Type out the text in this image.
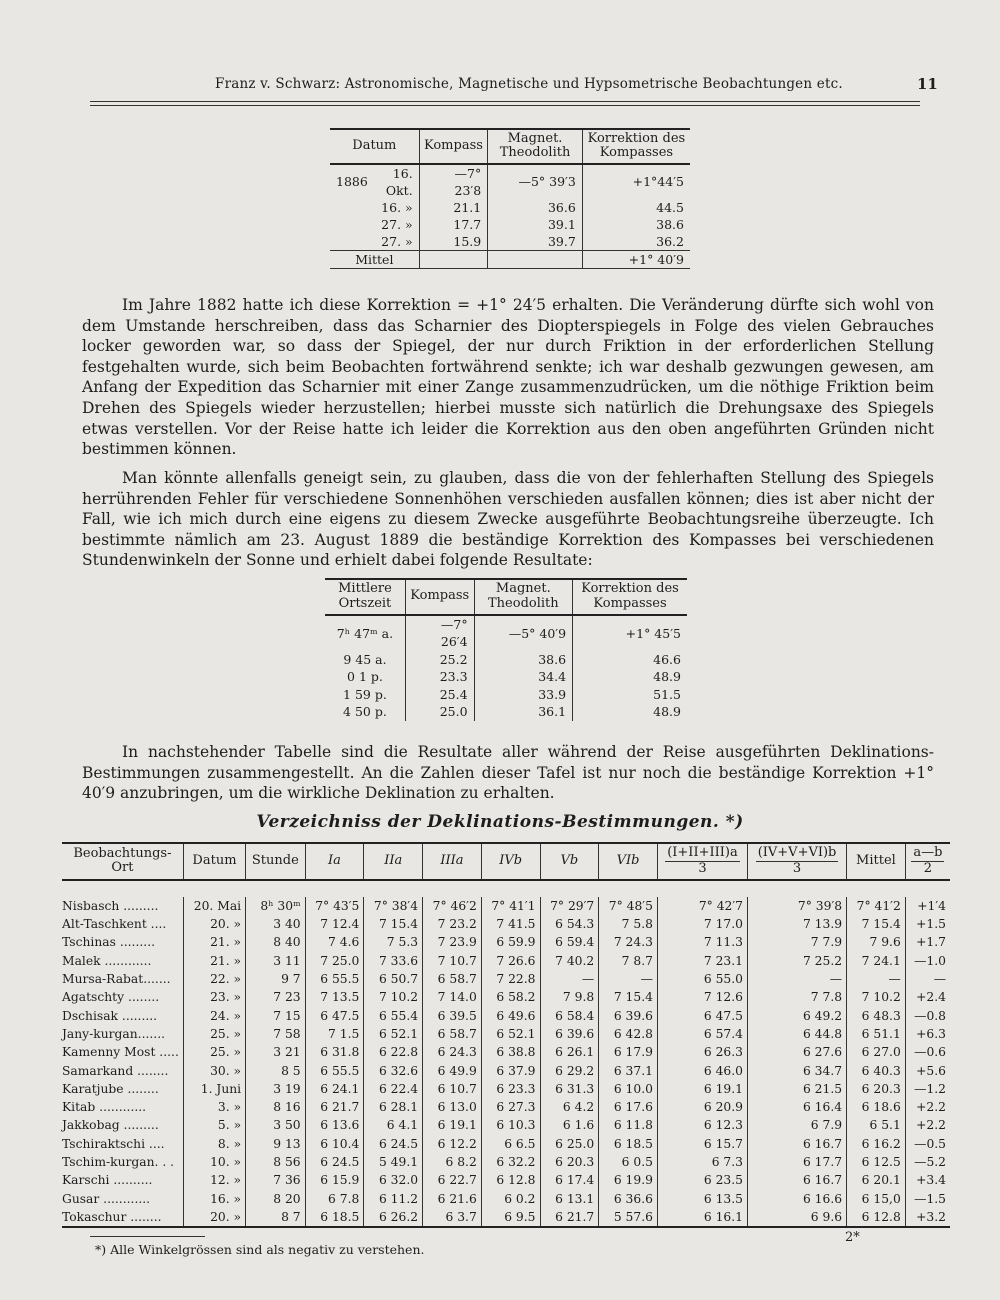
Franz v. Schwarz: Astronomische, Magnetische und Hypsometrische Beobachtungen etc.	11
Datum		Kompass	Magnet. Theodolith	Korrektion des Kompasses

1886	16. Okt.	—7° 23′8	—5° 39′3	+1°44′5
	16. »	21.1	36.6	44.5
	27. »	17.7	39.1	38.6
	27. »	15.9	39.7	36.2
Mittel				+1° 40′9

Im Jahre 1882 hatte ich diese Korrektion = +1° 24′5 erhalten. Die Veränderung dürfte sich wohl von dem Umstande herschreiben, dass das Scharnier des Diopterspiegels in Folge des vielen Gebrauches locker geworden war, so dass der Spiegel, der nur durch Friktion in der erforderlichen Stellung festgehalten wurde, sich beim Beobachten fortwährend senkte; ich war deshalb gezwungen gewesen, am Anfang der Expedition das Scharnier mit einer Zange zusammenzudrücken, um die nöthige Friktion beim Drehen des Spiegels wieder herzustellen; hierbei musste sich natürlich die Drehungsaxe des Spiegels etwas verstellen. Vor der Reise hatte ich leider die Korrektion aus den oben angeführten Gründen nicht bestimmen können.

Man könnte allenfalls geneigt sein, zu glauben, dass die von der fehlerhaften Stellung des Spiegels herrührenden Fehler für verschiedene Sonnenhöhen verschieden ausfallen können; dies ist aber nicht der Fall, wie ich mich durch eine eigens zu diesem Zwecke ausgeführte Beobachtungsreihe überzeugte. Ich bestimmte nämlich am 23. August 1889 die beständige Korrektion des Kompasses bei verschiedenen Stundenwinkeln der Sonne und erhielt dabei folgende Resultate:

Mittlere Ortszeit	Kompass	Magnet. Theodolith	Korrektion des Kompasses

7ʰ 47ᵐ a.	—7° 26′4	—5° 40′9	+1° 45′5
9 45 a.	25.2	38.6	46.6
0 1 p.	23.3	34.4	48.9
1 59 p.	25.4	33.9	51.5
4 50 p.	25.0	36.1	48.9

In nachstehender Tabelle sind die Resultate aller während der Reise ausgeführten Deklinations-Bestimmungen zusammengestellt. An die Zahlen dieser Tafel ist nur noch die beständige Korrektion +1° 40′9 anzubringen, um die wirkliche Deklination zu erhalten.

Verzeichniss der Deklinations-Bestimmungen. *)
Beobachtungs-Ort	Datum	Stunde	Ia	IIa	IIIa	IVb	Vb	VIb	$\frac{\text{(I+II+III)a}}{3}$	$\frac{(IV+V+VI)b}{3}$	Mittel	$\frac{a—b}{2}$

Nisbasch .........	20. Mai	8ʰ 30ᵐ	7° 43′5	7° 38′4	7° 46′2	7° 41′1	7° 29′7	7° 48′5	7° 42′7	7° 39′8	7° 41′2	+1′4
Alt-Taschkent ....	20. »	3 40	7 12.4	7 15.4	7 23.2	7 41.5	6 54.3	7 5.8	7 17.0	7 13.9	7 15.4	+1.5
Tschinas .........	21. »	8 40	7 4.6	7 5.3	7 23.9	6 59.9	6 59.4	7 24.3	7 11.3	7 7.9	7 9.6	+1.7
Malek ............	21. »	3 11	7 25.0	7 33.6	7 10.7	7 26.6	7 40.2	7 8.7	7 23.1	7 25.2	7 24.1	—1.0
Mursa-Rabat.......	22. »	9 7	6 55.5	6 50.7	6 58.7	7 22.8	—	—	6 55.0	—	—	—
Agatschty ........	23. »	7 23	7 13.5	7 10.2	7 14.0	6 58.2	7 9.8	7 15.4	7 12.6	7 7.8	7 10.2	+2.4
Dschisak .........	24. »	7 15	6 47.5	6 55.4	6 39.5	6 49.6	6 58.4	6 39.6	6 47.5	6 49.2	6 48.3	—0.8
Jany-kurgan.......	25. »	7 58	7 1.5	6 52.1	6 58.7	6 52.1	6 39.6	6 42.8	6 57.4	6 44.8	6 51.1	+6.3
Kamenny Most .....	25. »	3 21	6 31.8	6 22.8	6 24.3	6 38.8	6 26.1	6 17.9	6 26.3	6 27.6	6 27.0	—0.6
Samarkand ........	30. »	8 5	6 55.5	6 32.6	6 49.9	6 37.9	6 29.2	6 37.1	6 46.0	6 34.7	6 40.3	+5.6
Karatjube ........	1. Juni	3 19	6 24.1	6 22.4	6 10.7	6 23.3	6 31.3	6 10.0	6 19.1	6 21.5	6 20.3	—1.2
Kitab ............	3. »	8 16	6 21.7	6 28.1	6 13.0	6 27.3	6 4.2	6 17.6	6 20.9	6 16.4	6 18.6	+2.2
Jakkobag .........	5. »	3 50	6 13.6	6 4.1	6 19.1	6 10.3	6 1.6	6 11.8	6 12.3	6 7.9	6 5.1	+2.2
Tschiraktschi ....	8. »	9 13	6 10.4	6 24.5	6 12.2	6 6.5	6 25.0	6 18.5	6 15.7	6 16.7	6 16.2	—0.5
Tschim-kurgan. . .	10. »	8 56	6 24.5	5 49.1	6 8.2	6 32.2	6 20.3	6 0.5	6 7.3	6 17.7	6 12.5	—5.2
Karschi ..........	12. »	7 36	6 15.9	6 32.0	6 22.7	6 12.8	6 17.4	6 19.9	6 23.5	6 16.7	6 20.1	+3.4
Gusar ............	16. »	8 20	6 7.8	6 11.2	6 21.6	6 0.2	6 13.1	6 36.6	6 13.5	6 16.6	6 15,0	—1.5
Tokaschur ........	20. »	8 7	6 18.5	6 26.2	6 3.7	6 9.5	6 21.7	5 57.6	6 16.1	6 9.6	6 12.8	+3.2
*) Alle Winkelgrössen sind als negativ zu verstehen.
2*
